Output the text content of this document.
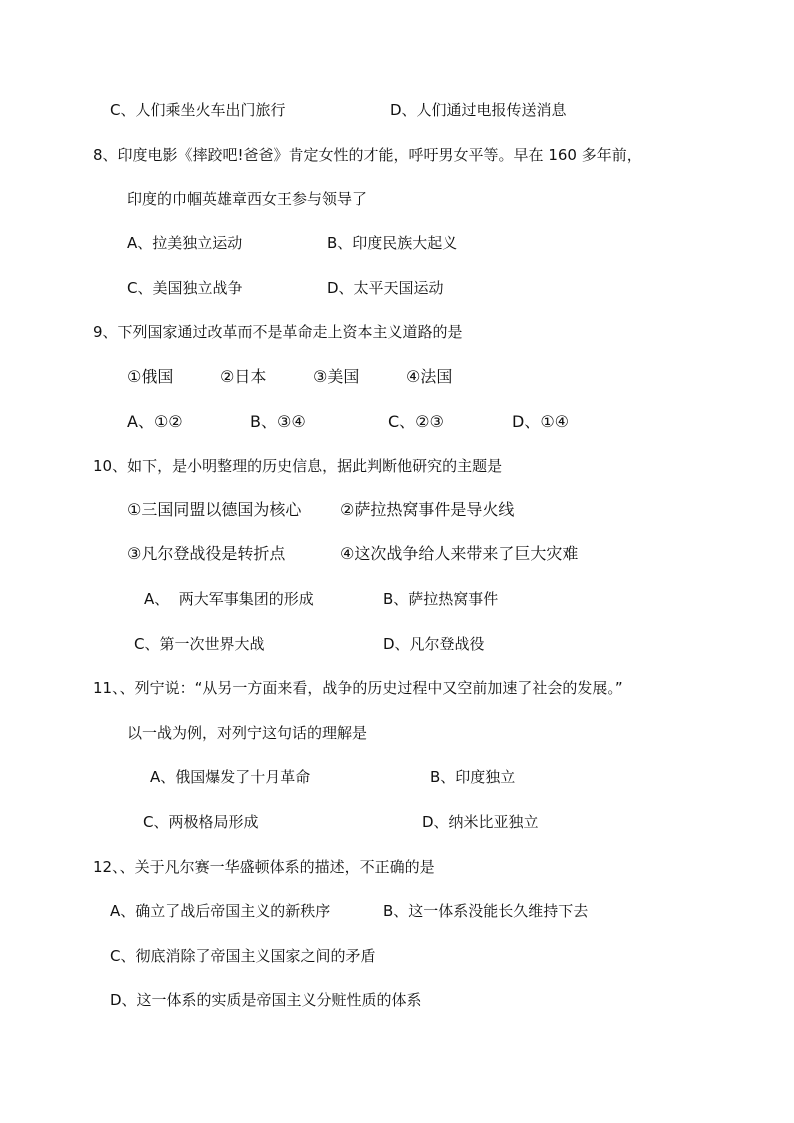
C、人们乘坐火车出门旅行	D、人们通过电报传送消息
8、印度电影《摔跤吧!爸爸》肯定女性的才能，呼吁男女平等。早在 160 多年前，
印度的巾帼英雄章西女王参与领导了
A、拉美独立运动	B、印度民族大起义
C、美国独立战争	D、太平天国运动
9、下列国家通过改革而不是革命走上资本主义道路的是
①俄国	②日本	③美国	④法国
A、①②	B、③④	C、②③	D、①④
10、如下，是小明整理的历史信息，据此判断他研究的主题是
①三国同盟以德国为核心 ②萨拉热窝事件是导火线
③凡尔登战役是转折点	④这次战争给人来带来了巨大灾难
A、  两大军事集团的形成	B、萨拉热窝事件
C、第一次世界大战	D、凡尔登战役
11、、列宁说：“从另一方面来看，战争的历史过程中又空前加速了社会的发展。”
以一战为例，对列宁这句话的理解是
A、俄国爆发了十月革命	B、印度独立
C、两极格局形成	D、纳米比亚独立
12、、关于凡尔赛一华盛顿体系的描述，不正确的是
A、确立了战后帝国主义的新秩序	B、这一体系没能长久维持下去
C、彻底消除了帝国主义国家之间的矛盾
D、这一体系的实质是帝国主义分赃性质的体系
